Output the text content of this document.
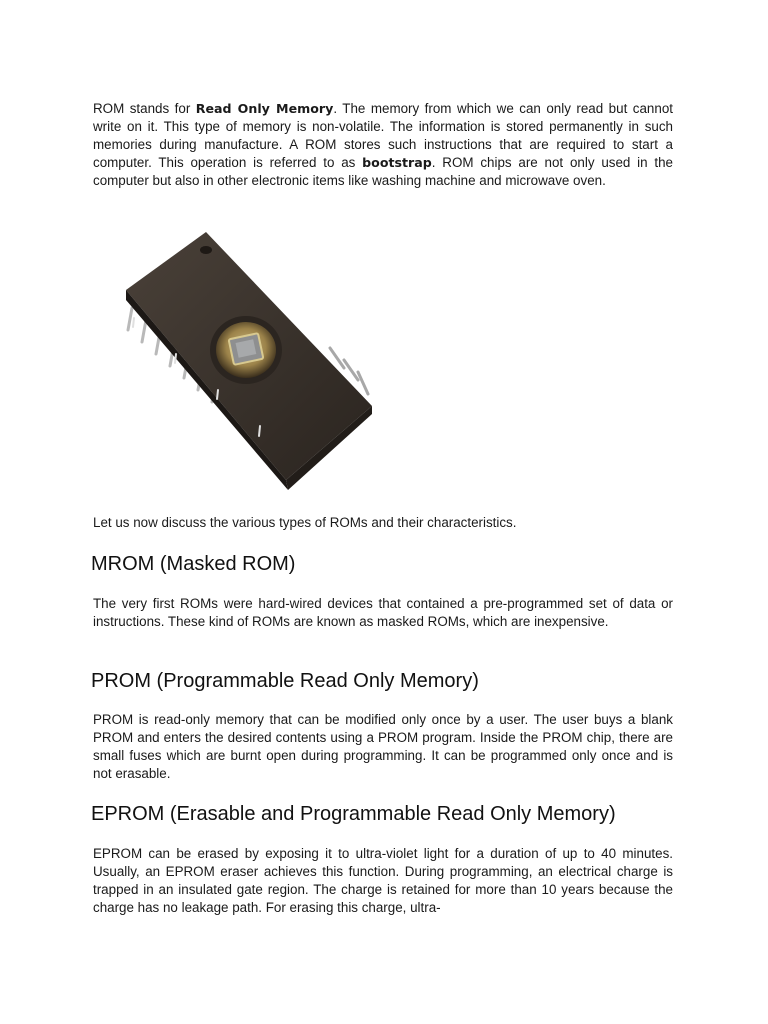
ROM stands for Read Only Memory. The memory from which we can only read but cannot write on it. This type of memory is non-volatile. The information is stored permanently in such memories during manufacture. A ROM stores such instructions that are required to start a computer. This operation is referred to as bootstrap. ROM chips are not only used in the computer but also in other electronic items like washing machine and microwave oven.

Let us now discuss the various types of ROMs and their characteristics.

MROM (Masked ROM)

The very first ROMs were hard-wired devices that contained a pre-programmed set of data or instructions. These kind of ROMs are known as masked ROMs, which are inexpensive.

PROM (Programmable Read Only Memory)

PROM is read-only memory that can be modified only once by a user. The user buys a blank PROM and enters the desired contents using a PROM program. Inside the PROM chip, there are small fuses which are burnt open during programming. It can be programmed only once and is not erasable.

EPROM (Erasable and Programmable Read Only Memory)

EPROM can be erased by exposing it to ultra-violet light for a duration of up to 40 minutes. Usually, an EPROM eraser achieves this function. During programming, an electrical charge is trapped in an insulated gate region. The charge is retained for more than 10 years because the charge has no leakage path. For erasing this charge, ultra-
